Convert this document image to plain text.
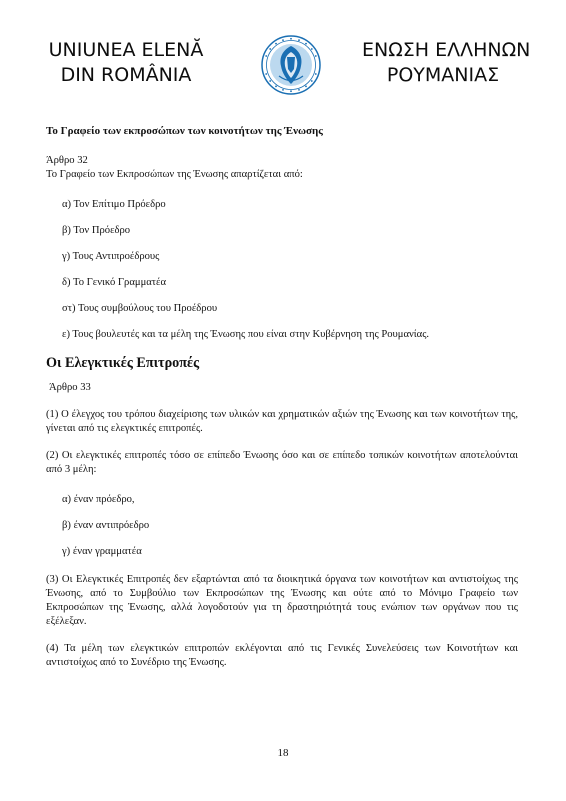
UNIUNEA ELENĂ
DIN ROMÂNIA
ΕΝΩΣΗ ΕΛΛΗΝΩΝ
ΡΟΥΜΑΝΙΑΣ

Το Γραφείο των εκπροσώπων των κοινοτήτων της Ένωσης

Άρθρο 32

Το Γραφείο των Εκπροσώπων της Ένωσης απαρτίζεται από:

α) Τον Επίτιμο Πρόεδρο

β) Τον Πρόεδρο

γ) Τους Αντιπροέδρους

δ) Το Γενικό Γραμματέα

στ) Τους συμβούλους του Προέδρου

ε) Τους βουλευτές και τα μέλη της Ένωσης που είναι στην Κυβέρνηση της Ρουμανίας.

Οι Ελεγκτικές Επιτροπές

Άρθρο 33

(1) Ο έλεγχος του τρόπου διαχείρισης των υλικών και χρηματικών αξιών της Ένωσης και των κοινοτήτων της, γίνεται από τις ελεγκτικές επιτροπές.

(2) Οι ελεγκτικές επιτροπές τόσο σε επίπεδο Ένωσης όσο και σε επίπεδο τοπικών κοινοτήτων αποτελούνται από 3 μέλη:

α) έναν πρόεδρο,

β) έναν αντιπρόεδρο

γ) έναν γραμματέα

(3) Οι Ελεγκτικές Επιτροπές δεν εξαρτώνται από τα διοικητικά όργανα των κοινοτήτων και αντιστοίχως της Ένωσης, από το Συμβούλιο των Εκπροσώπων της Ένωσης και ούτε από το Μόνιμο Γραφείο των Εκπροσώπων της Ένωσης, αλλά λογοδοτούν για τη δραστηριότητά τους ενώπιον των οργάνων που τις εξέλεξαν.

(4) Τα μέλη των ελεγκτικών επιτροπών εκλέγονται από τις Γενικές Συνελεύσεις των Κοινοτήτων και αντιστοίχως από το Συνέδριο της Ένωσης.

18
